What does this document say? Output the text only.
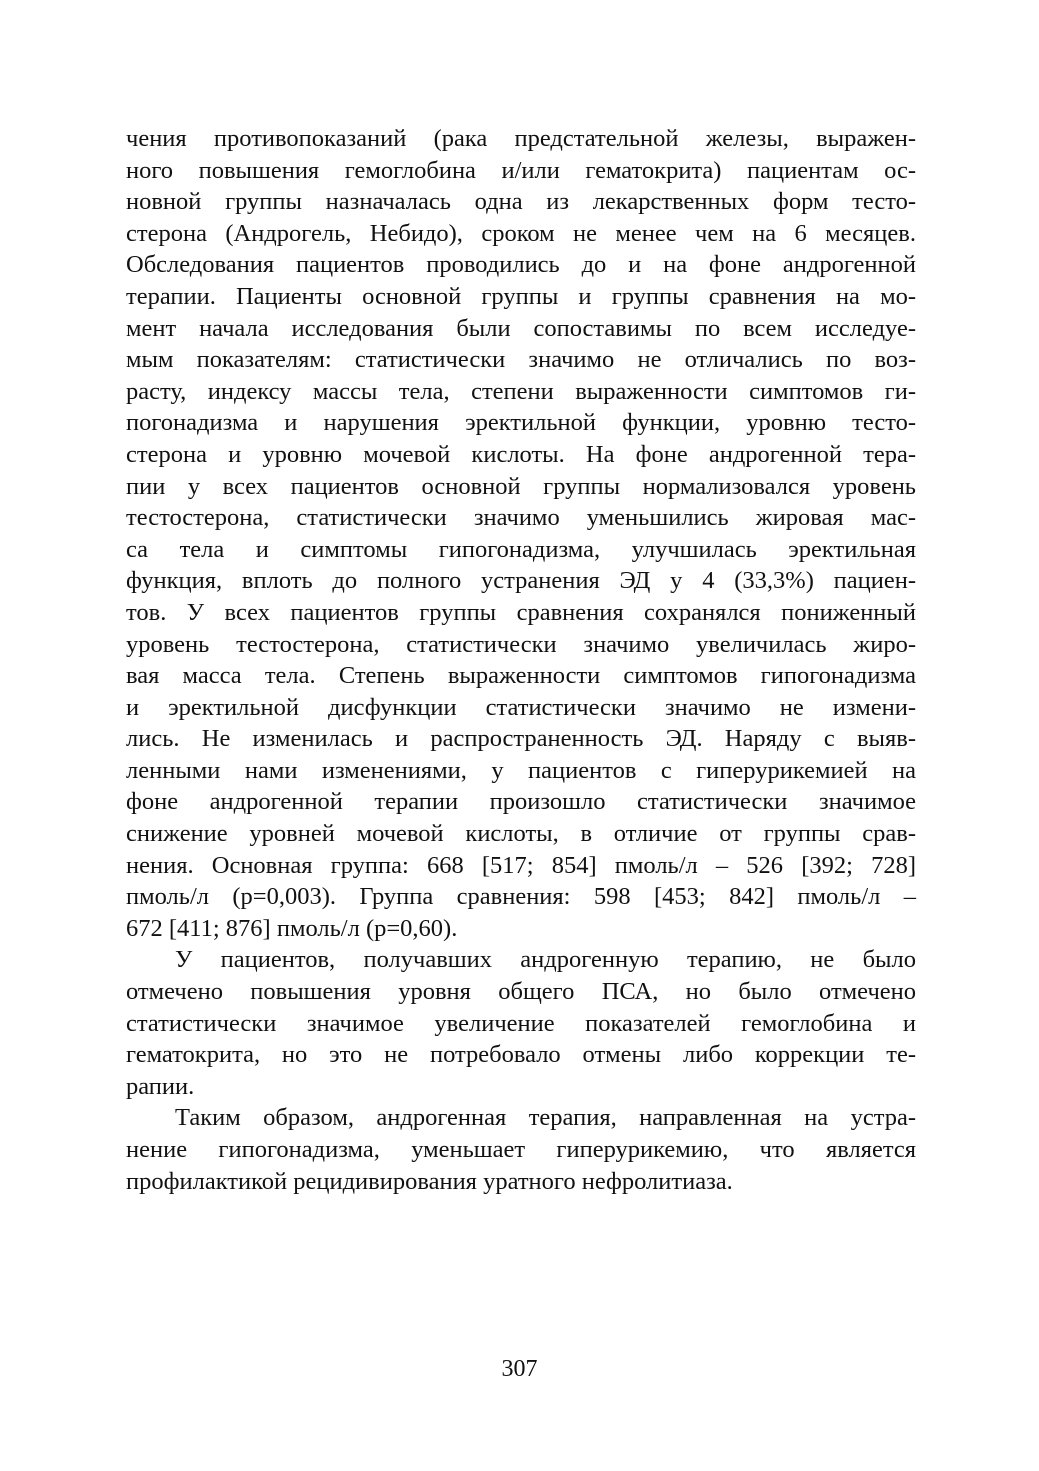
чения противопоказаний (рака предстательной железы, выражен-
ного повышения гемоглобина и/или гематокрита) пациентам ос-
новной группы назначалась одна из лекарственных форм тесто-
стерона (Андрогель, Небидо), сроком не менее чем на 6 месяцев.
Обследования пациентов проводились до и на фоне андрогенной
терапии. Пациенты основной группы и группы сравнения на мо-
мент начала исследования были сопоставимы по всем исследуе-
мым показателям: статистически значимо не отличались по воз-
расту, индексу массы тела, степени выраженности симптомов ги-
погонадизма и нарушения эректильной функции, уровню тесто-
стерона и уровню мочевой кислоты. На фоне андрогенной тера-
пии у всех пациентов основной группы нормализовался уровень
тестостерона, статистически значимо уменьшились жировая мас-
са тела и симптомы гипогонадизма, улучшилась эректильная
функция, вплоть до полного устранения ЭД у 4 (33,3%) пациен-
тов. У всех пациентов группы сравнения сохранялся пониженный
уровень тестостерона, статистически значимо увеличилась жиро-
вая масса тела. Степень выраженности симптомов гипогонадизма
и эректильной дисфункции статистически значимо не измени-
лись. Не изменилась и распространенность ЭД. Наряду с выяв-
ленными нами изменениями, у пациентов с гиперурикемией на
фоне андрогенной терапии произошло статистически значимое
снижение уровней мочевой кислоты, в отличие от группы срав-
нения. Основная группа: 668 [517; 854] пмоль/л – 526 [392; 728]
пмоль/л (р=0,003). Группа сравнения: 598 [453; 842] пмоль/л –
672 [411; 876] пмоль/л (р=0,60).

У пациентов, получавших андрогенную терапию, не было
отмечено повышения уровня общего ПСА, но было отмечено
статистически значимое увеличение показателей гемоглобина и
гематокрита, но это не потребовало отмены либо коррекции те-
рапии.

Таким образом, андрогенная терапия, направленная на устра-
нение гипогонадизма, уменьшает гиперурикемию, что является
профилактикой рецидивирования уратного нефролитиаза.

307
